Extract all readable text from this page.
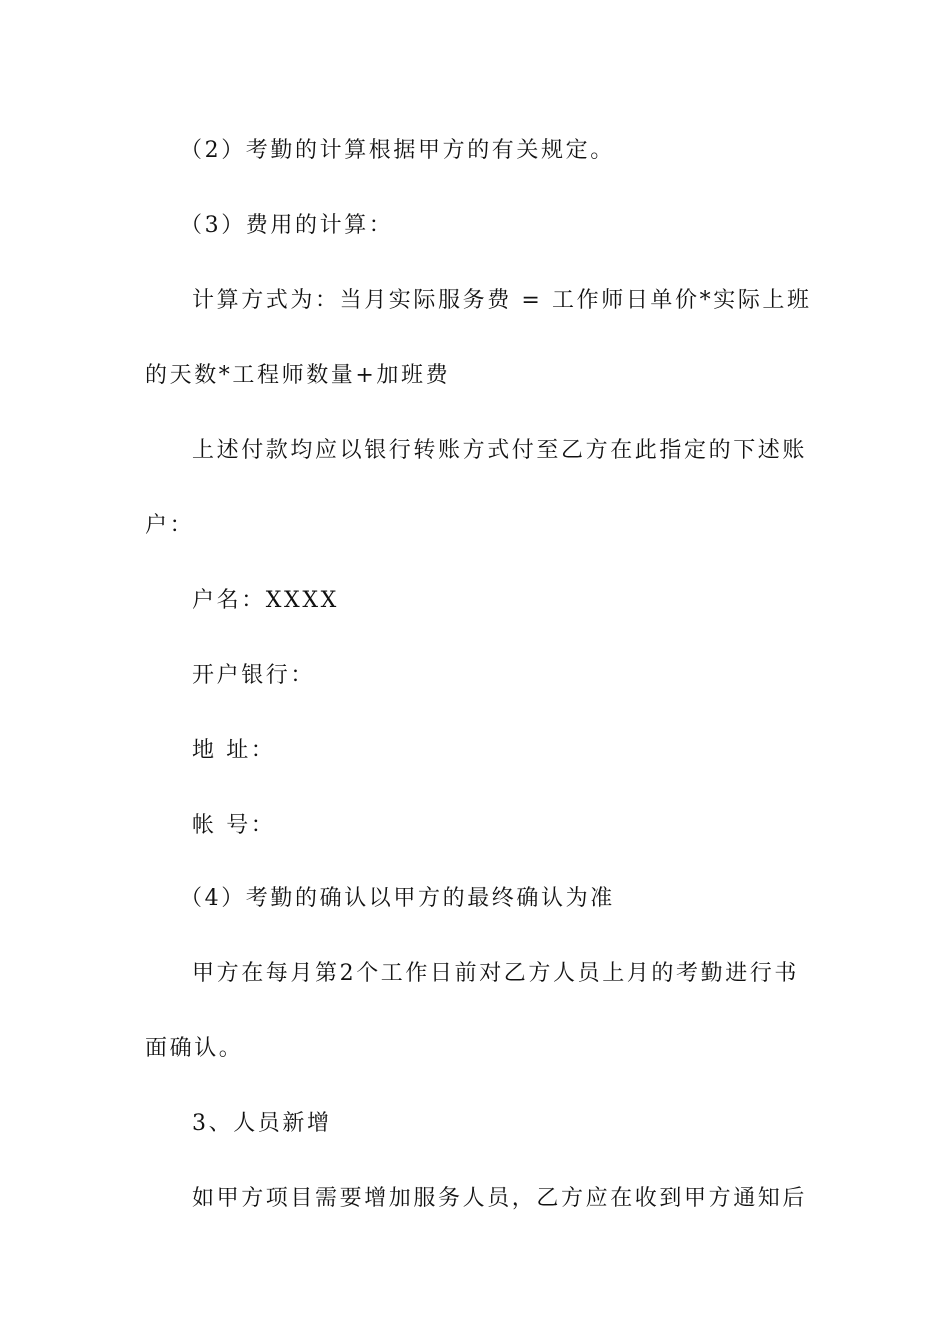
（2）考勤的计算根据甲方的有关规定。
（3）费用的计算：
计算方式为：当月实际服务费 = 工作师日单价*实际上班
的天数*工程师数量+加班费
上述付款均应以银行转账方式付至乙方在此指定的下述账
户：
户名：XXXX
开户银行：
地 址：
帐 号：
（4）考勤的确认以甲方的最终确认为准
甲方在每月第2个工作日前对乙方人员上月的考勤进行书
面确认。
3、人员新增
如甲方项目需要增加服务人员，乙方应在收到甲方通知后
